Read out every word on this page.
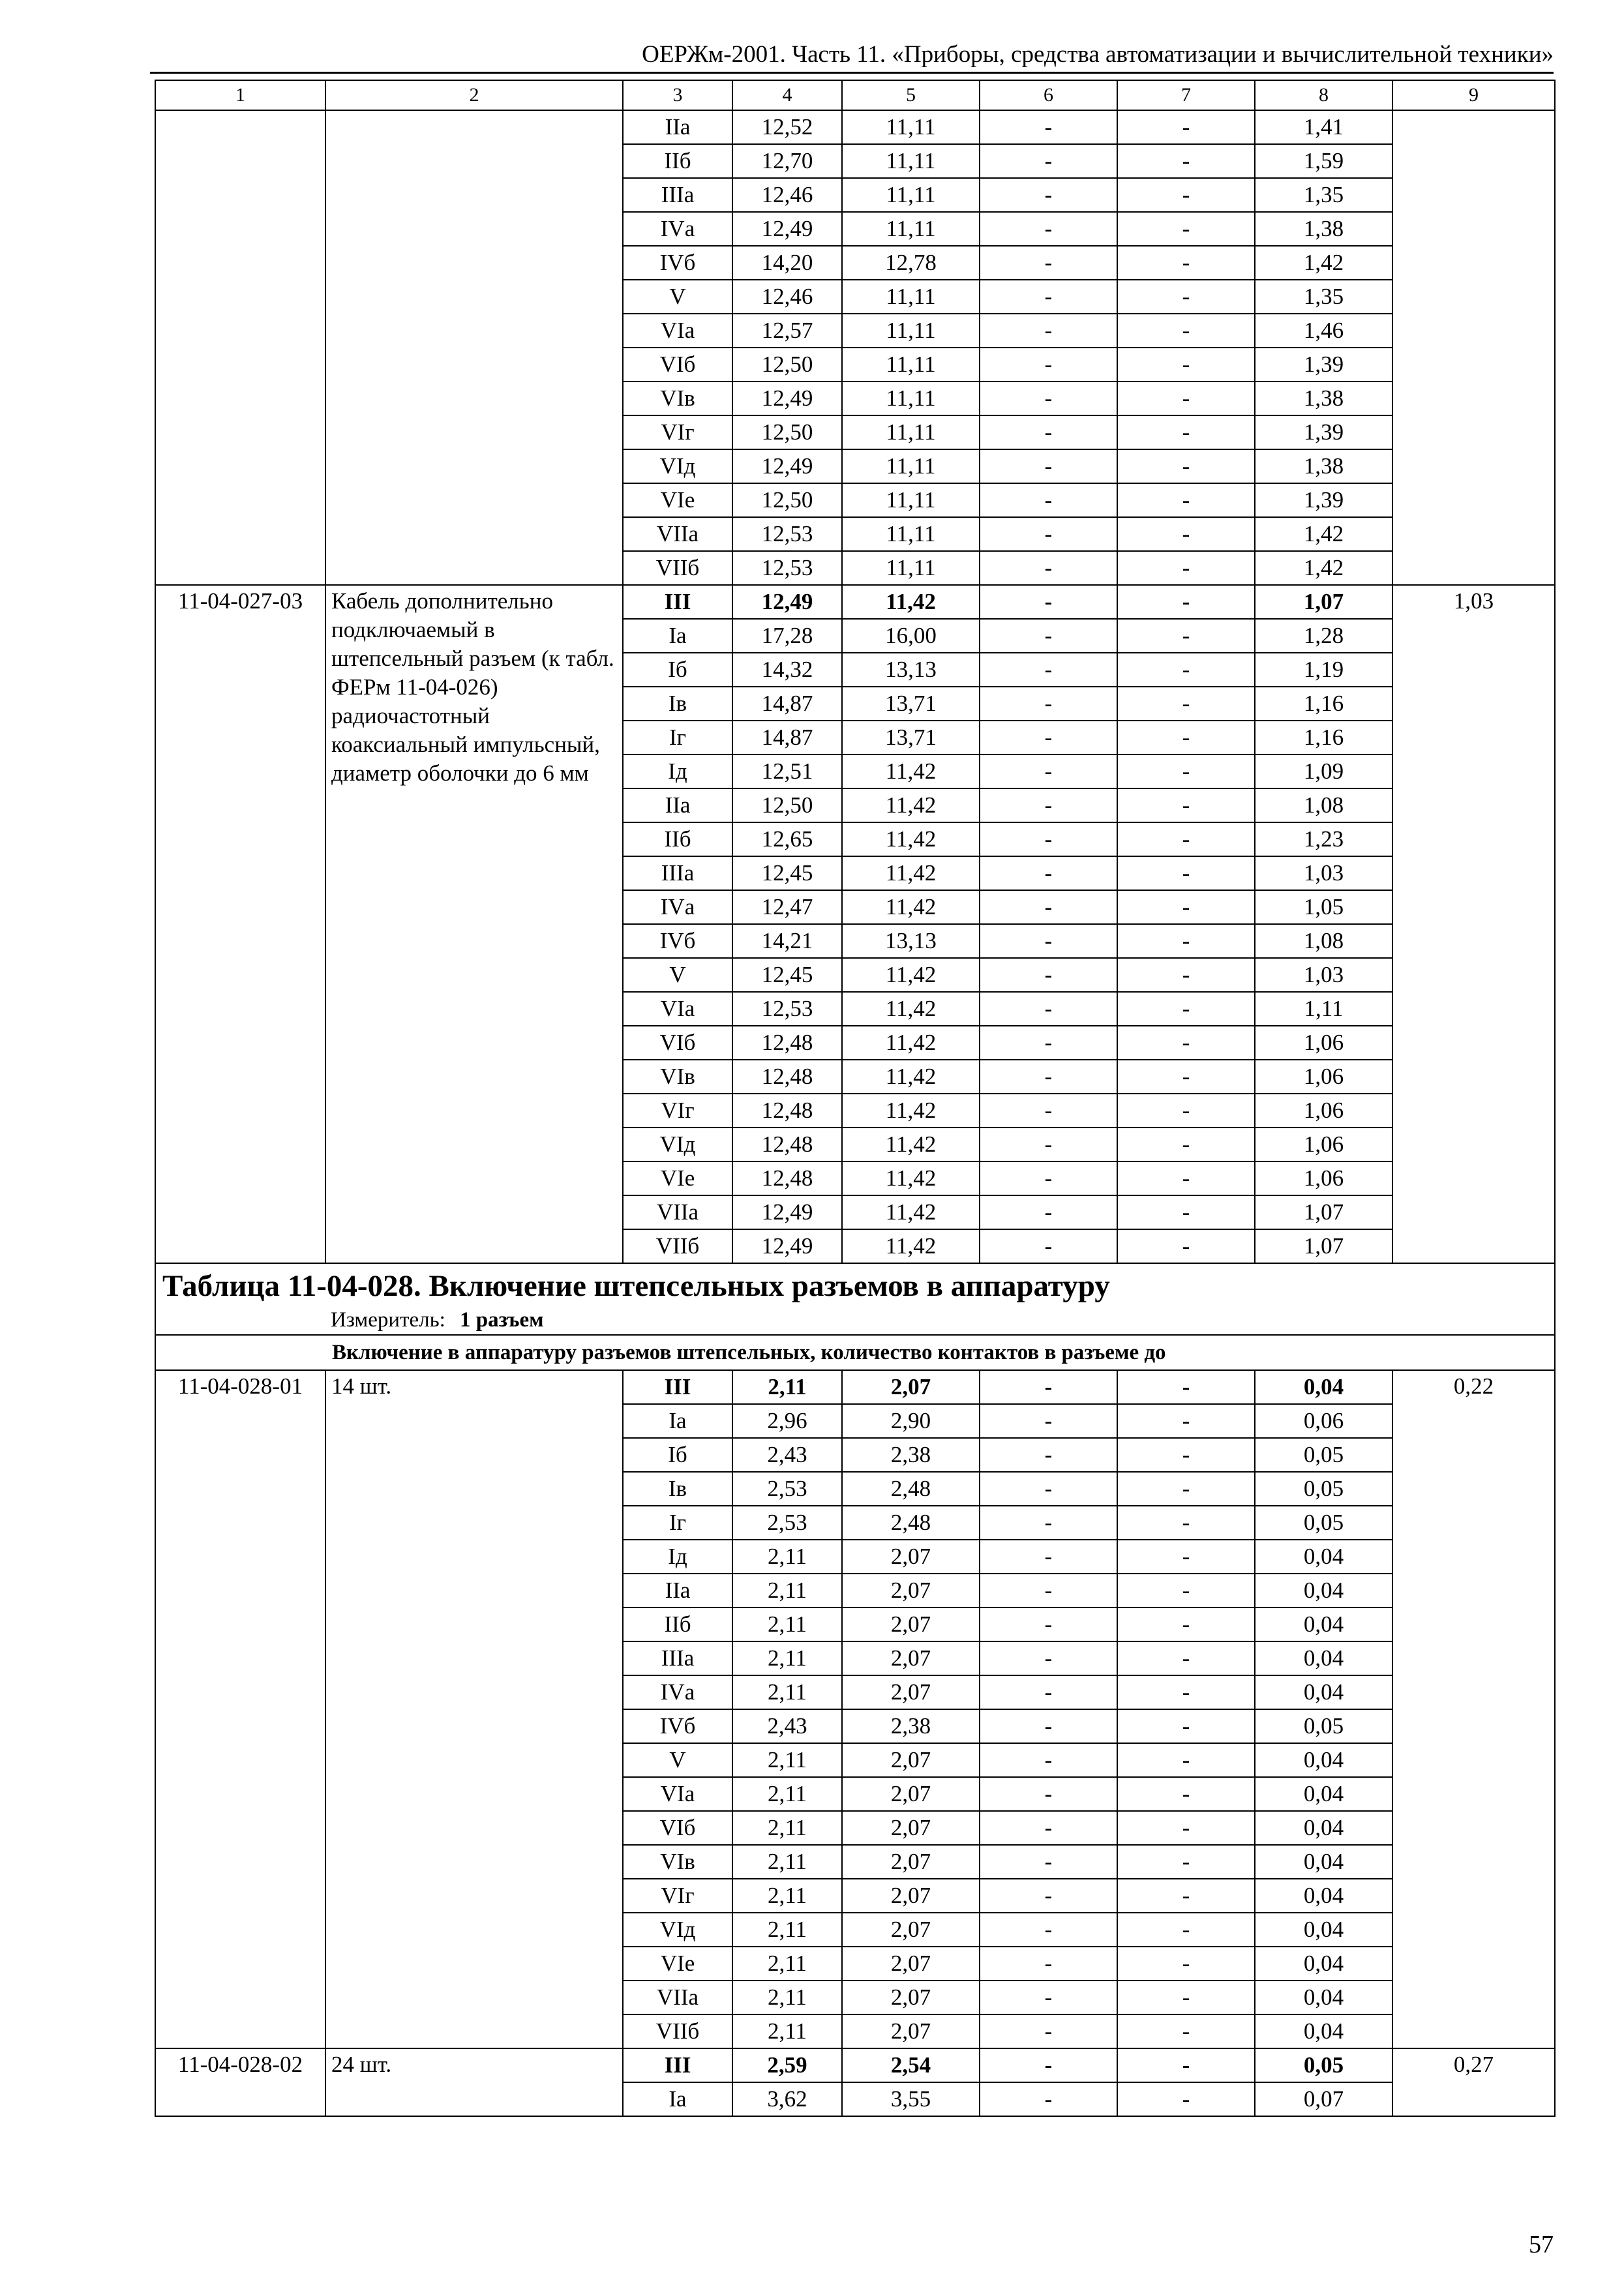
ОЕРЖм-2001. Часть 11. «Приборы, средства автоматизации и вычислительной техники»
1	2	3	4	5	6	7	8	9
		IIа	12,52	11,11	-	-	1,41	
		IIб	12,70	11,11	-	-	1,59	
		IIIа	12,46	11,11	-	-	1,35	
		IVа	12,49	11,11	-	-	1,38	
		IVб	14,20	12,78	-	-	1,42	
		V	12,46	11,11	-	-	1,35	
		VIа	12,57	11,11	-	-	1,46	
		VIб	12,50	11,11	-	-	1,39	
		VIв	12,49	11,11	-	-	1,38	
		VIг	12,50	11,11	-	-	1,39	
		VIд	12,49	11,11	-	-	1,38	
		VIе	12,50	11,11	-	-	1,39	
		VIIа	12,53	11,11	-	-	1,42	
		VIIб	12,53	11,11	-	-	1,42	
11-04-027-03	Кабель дополнительно подключаемый в штепсельный разъем (к табл. ФЕРм 11-04-026) радиочастотный коаксиальный импульсный, диаметр оболочки до 6 мм	III	12,49	11,42	-	-	1,07	1,03
		Iа	17,28	16,00	-	-	1,28	
		Iб	14,32	13,13	-	-	1,19	
		Iв	14,87	13,71	-	-	1,16	
		Iг	14,87	13,71	-	-	1,16	
		Iд	12,51	11,42	-	-	1,09	
		IIа	12,50	11,42	-	-	1,08	
		IIб	12,65	11,42	-	-	1,23	
		IIIа	12,45	11,42	-	-	1,03	
		IVа	12,47	11,42	-	-	1,05	
		IVб	14,21	13,13	-	-	1,08	
		V	12,45	11,42	-	-	1,03	
		VIа	12,53	11,42	-	-	1,11	
		VIб	12,48	11,42	-	-	1,06	
		VIв	12,48	11,42	-	-	1,06	
		VIг	12,48	11,42	-	-	1,06	
		VIд	12,48	11,42	-	-	1,06	
		VIе	12,48	11,42	-	-	1,06	
		VIIа	12,49	11,42	-	-	1,07	
		VIIб	12,49	11,42	-	-	1,07	

Таблица 11-04-028. Включение штепсельных разъемов в аппаратуру
Измеритель: 1 разъем								

Включение в аппаратуру разъемов штепсельных, количество контактов в разъеме до								
11-04-028-01	14 шт.	III	2,11	2,07	-	-	0,04	0,22
		Iа	2,96	2,90	-	-	0,06	
		Iб	2,43	2,38	-	-	0,05	
		Iв	2,53	2,48	-	-	0,05	
		Iг	2,53	2,48	-	-	0,05	
		Iд	2,11	2,07	-	-	0,04	
		IIа	2,11	2,07	-	-	0,04	
		IIб	2,11	2,07	-	-	0,04	
		IIIа	2,11	2,07	-	-	0,04	
		IVа	2,11	2,07	-	-	0,04	
		IVб	2,43	2,38	-	-	0,05	
		V	2,11	2,07	-	-	0,04	
		VIа	2,11	2,07	-	-	0,04	
		VIб	2,11	2,07	-	-	0,04	
		VIв	2,11	2,07	-	-	0,04	
		VIг	2,11	2,07	-	-	0,04	
		VIд	2,11	2,07	-	-	0,04	
		VIе	2,11	2,07	-	-	0,04	
		VIIа	2,11	2,07	-	-	0,04	
		VIIб	2,11	2,07	-	-	0,04	
11-04-028-02	24 шт.	III	2,59	2,54	-	-	0,05	0,27
		Iа	3,62	3,55	-	-	0,07	
57
